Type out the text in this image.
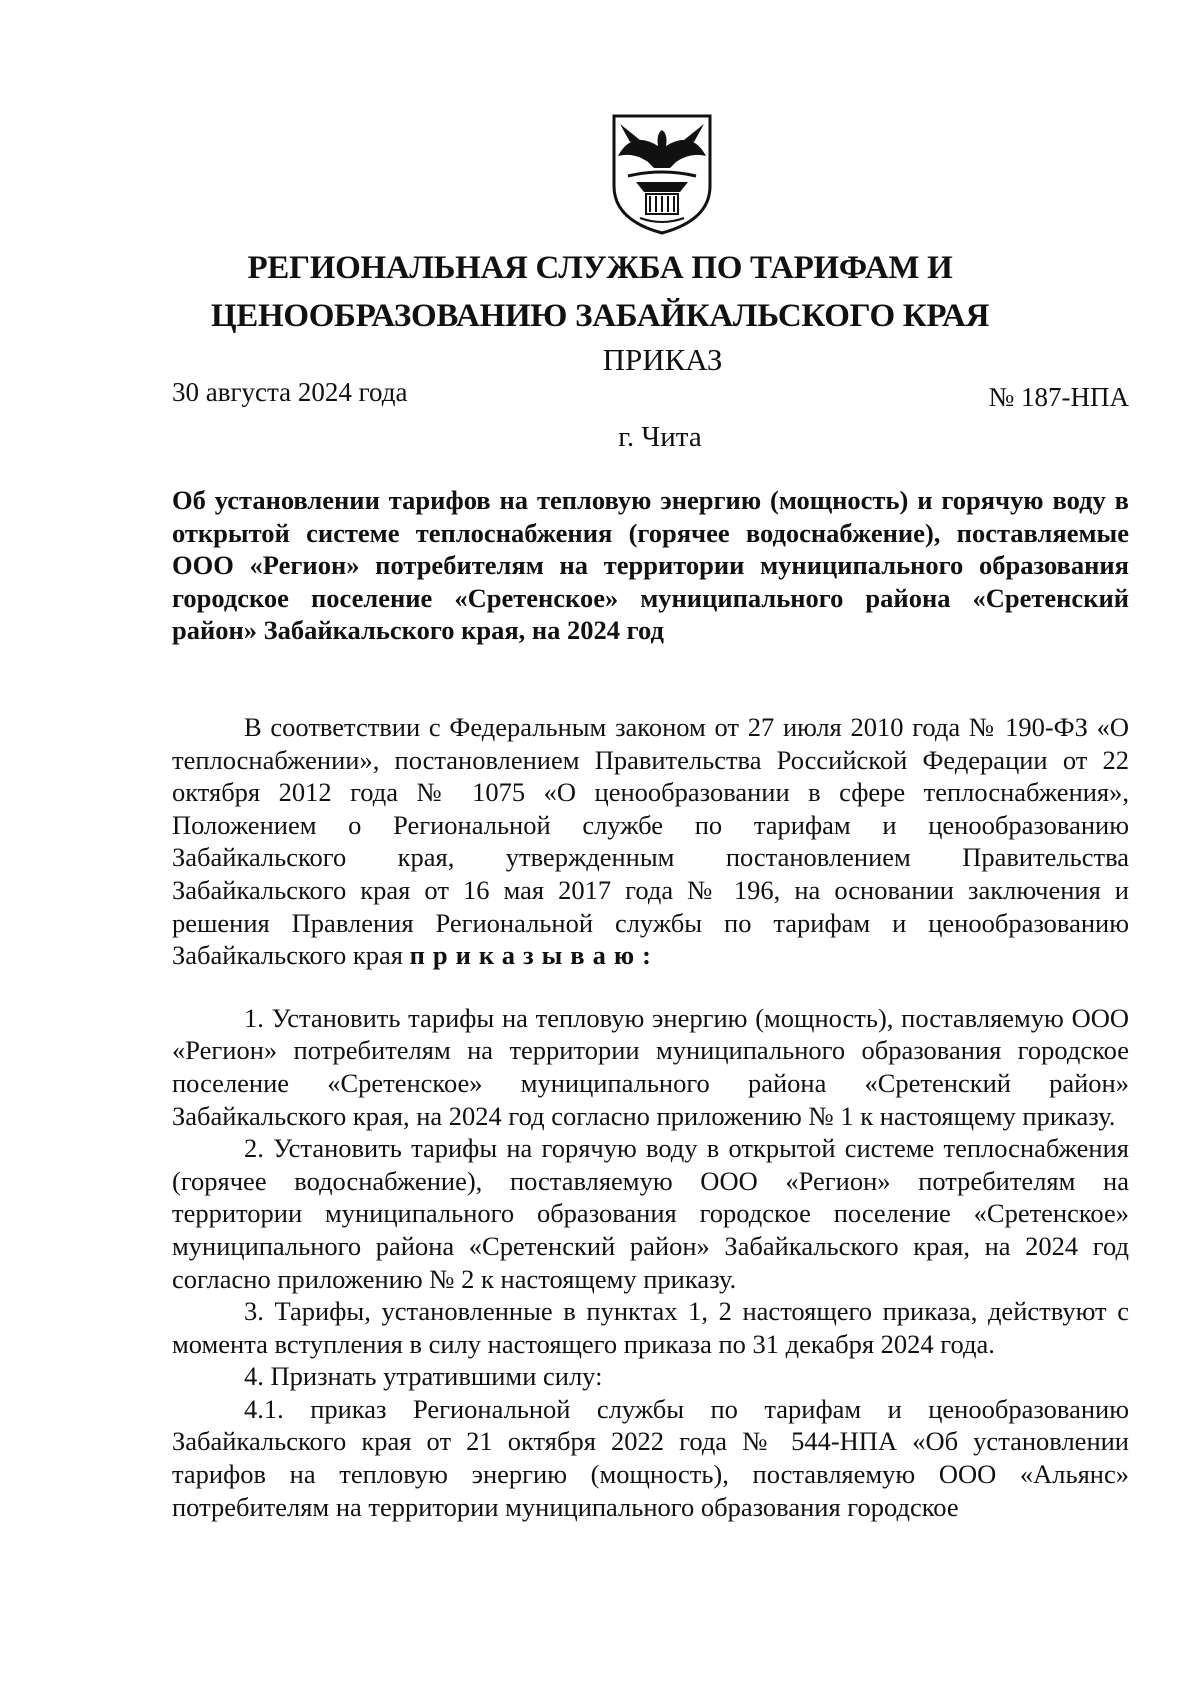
РЕГИОНАЛЬНАЯ СЛУЖБА ПО ТАРИФАМ И
ЦЕНООБРАЗОВАНИЮ ЗАБАЙКАЛЬСКОГО КРАЯ
ПРИКАЗ
30 августа 2024 года	№ 187-НПА
г. Чита
Об установлении тарифов на тепловую энергию (мощность) и горячую воду в открытой системе теплоснабжения (горячее водоснабжение), поставляемые ООО «Регион» потребителям на территории муниципального образования городское поселение «Сретенское» муниципального района «Сретенский район» Забайкальского края, на 2024 год

В соответствии с Федеральным законом от 27 июля 2010 года № 190-ФЗ «О теплоснабжении», постановлением Правительства Российской Федерации от 22 октября 2012 года № 1075 «О ценообразовании в сфере теплоснабжения», Положением о Региональной службе по тарифам и ценообразованию Забайкальского края, утвержденным постановлением Правительства Забайкальского края от 16 мая 2017 года № 196, на основании заключения и решения Правления Региональной службы по тарифам и ценообразованию Забайкальского края приказываю:

1. Установить тарифы на тепловую энергию (мощность), поставляемую ООО «Регион» потребителям на территории муниципального образования городское поселение «Сретенское» муниципального района «Сретенский район» Забайкальского края, на 2024 год согласно приложению № 1 к настоящему приказу.

2. Установить тарифы на горячую воду в открытой системе теплоснабжения (горячее водоснабжение), поставляемую ООО «Регион» потребителям на территории муниципального образования городское поселение «Сретенское» муниципального района «Сретенский район» Забайкальского края, на 2024 год согласно приложению № 2 к настоящему приказу.

3. Тарифы, установленные в пунктах 1, 2 настоящего приказа, действуют с момента вступления в силу настоящего приказа по 31 декабря 2024 года.

4. Признать утратившими силу:

4.1. приказ Региональной службы по тарифам и ценообразованию Забайкальского края от 21 октября 2022 года № 544-НПА «Об установлении тарифов на тепловую энергию (мощность), поставляемую ООО «Альянс» потребителям на территории муниципального образования городское
